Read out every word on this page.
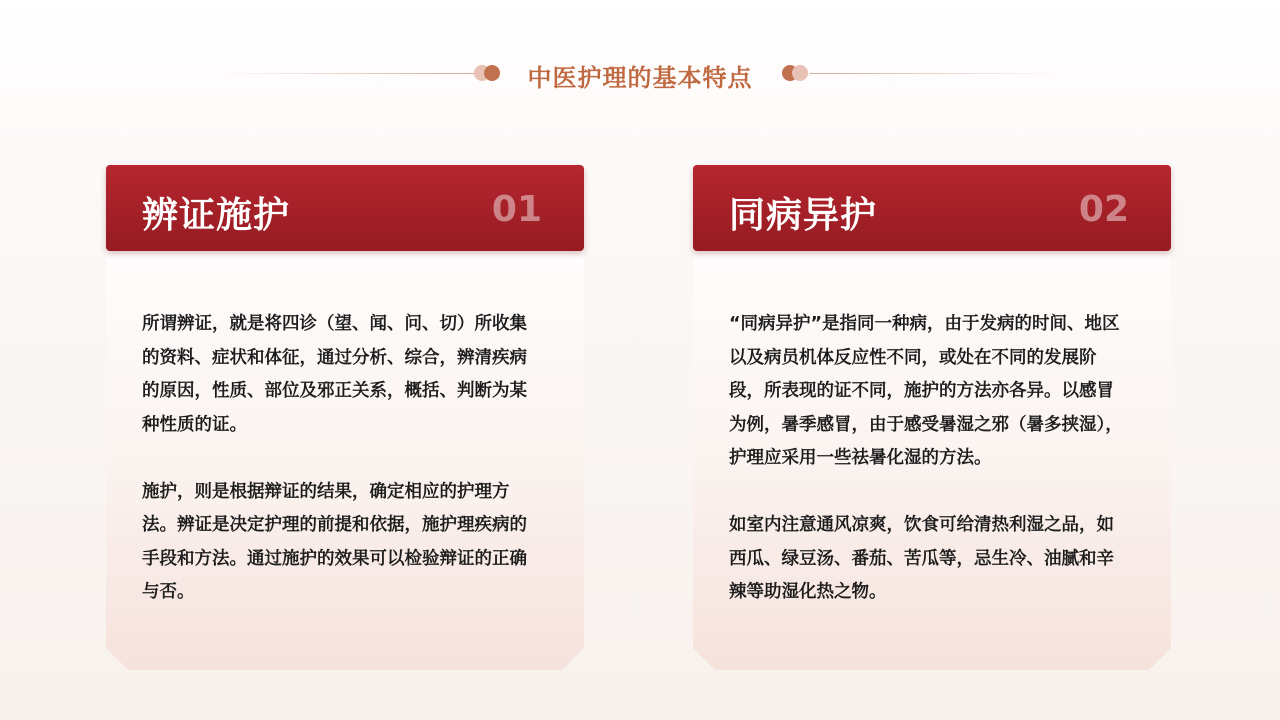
中医护理的基本特点
辨证施护	01

所谓辨证，就是将四诊（望、闻、问、切）所收集的资料、症状和体征，通过分析、综合，辨清疾病的原因，性质、部位及邪正关系，概括、判断为某种性质的证。

施护，则是根据辩证的结果，确定相应的护理方法。辨证是决定护理的前提和依据，施护理疾病的手段和方法。通过施护的效果可以检验辩证的正确与否。

同病异护	02

“同病异护”是指同一种病，由于发病的时间、地区以及病员机体反应性不同，或处在不同的发展阶段，所表现的证不同，施护的方法亦各异。以感冒为例，暑季感冒，由于感受暑湿之邪（暑多挟湿），护理应采用一些祛暑化湿的方法。

如室内注意通风凉爽，饮食可给清热利湿之品，如西瓜、绿豆汤、番茄、苦瓜等，忌生冷、油腻和辛辣等助湿化热之物。
